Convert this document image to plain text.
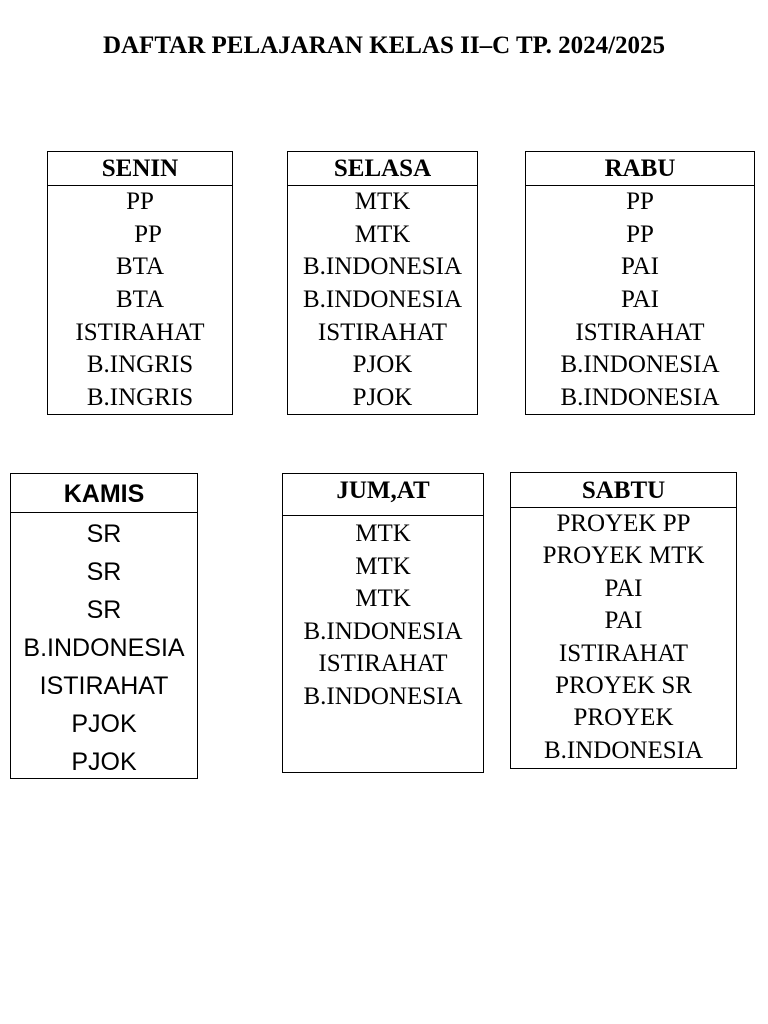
DAFTAR PELAJARAN KELAS II–C TP. 2024/2025
SENIN
PP
PP
BTA
BTA
ISTIRAHAT
B.INGRIS
B.INGRIS
SELASA
MTK
MTK
B.INDONESIA
B.INDONESIA
ISTIRAHAT
PJOK
PJOK
RABU
PP
PP
PAI
PAI
ISTIRAHAT
B.INDONESIA
B.INDONESIA
KAMIS
SR
SR
SR
B.INDONESIA
ISTIRAHAT
PJOK
PJOK
JUM,AT
MTK
MTK
MTK
B.INDONESIA
ISTIRAHAT
B.INDONESIA
SABTU
PROYEK PP
PROYEK MTK
PAI
PAI
ISTIRAHAT
PROYEK SR
PROYEK
B.INDONESIA
